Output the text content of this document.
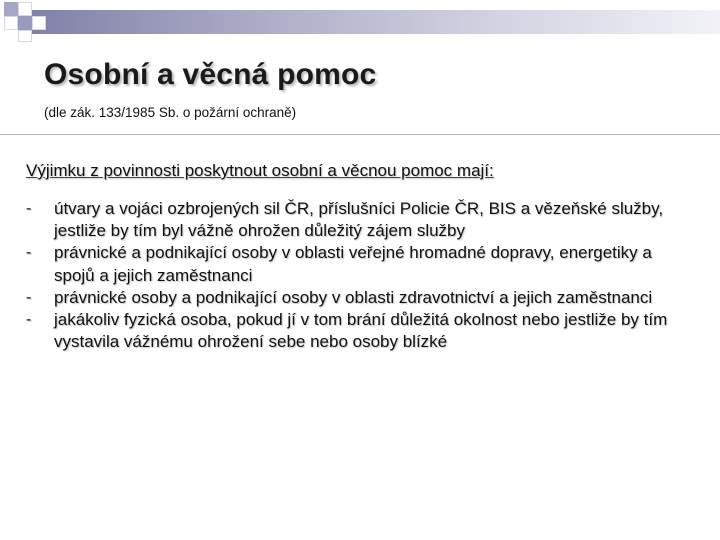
Osobní a věcná pomoc

(dle zák. 133/1985 Sb. o požární ochraně)

Výjimku z povinnosti poskytnout osobní a věcnou pomoc mají:

- útvary a vojáci ozbrojených sil ČR, příslušníci Policie ČR, BIS a vězeňské služby, jestliže by tím byl vážně ohrožen důležitý zájem služby
- právnické a podnikající osoby v oblasti veřejné hromadné dopravy, energetiky a spojů a jejich zaměstnanci
- právnické osoby a podnikající osoby v oblasti zdravotnictví a jejich zaměstnanci
- jakákoliv fyzická osoba, pokud jí v tom brání důležitá okolnost nebo jestliže by tím vystavila vážnému ohrožení sebe nebo osoby blízké
